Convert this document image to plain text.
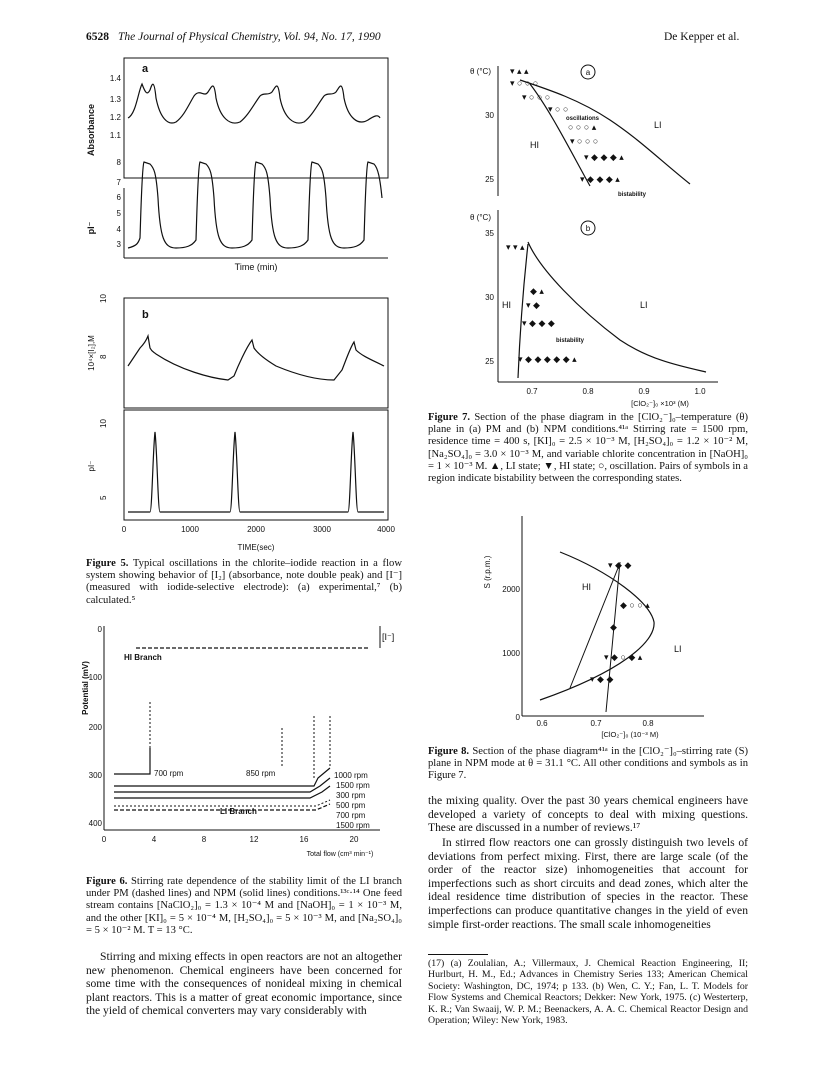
6528 The Journal of Physical Chemistry, Vol. 94, No. 17, 1990	De Kepper et al.
a
Absorbance
1.4
1.3
1.2
1.1
pI⁻
8
7
6
5
4
3
Time (min)
b
10⁴×[I₂],M
10
8
pI⁻
10
5
0	1000	2000	3000	4000
TIME(sec)
Figure 5. Typical oscillations in the chlorite–iodide reaction in a flow system showing behavior of [I₂] (absorbance, note double peak) and [I⁻] (measured with iodide-selective electrode): (a) experimental,⁷ (b) calculated.⁵
Potential (mV)
0
100
200
300
400
[I⁻]
HI Branch
LI Branch
700 rpm	850 rpm	1000 rpm
1500 rpm
300 rpm
500 rpm
700 rpm
1500 rpm
0	4	8	12	16	20
Total flow (cm³ min⁻¹)
Figure 6. Stirring rate dependence of the stability limit of the LI branch under PM (dashed lines) and NPM (solid lines) conditions.¹³ᶜ·¹⁴ One feed stream contains [NaClO₂]₀ = 1.3 × 10⁻⁴ M and [NaOH]₀ = 1 × 10⁻³ M, and the other [KI]₀ = 5 × 10⁻⁴ M, [H₂SO₄]₀ = 5 × 10⁻³ M, and [Na₂SO₄]₀ = 5 × 10⁻² M. T = 13 °C.
Stirring and mixing effects in open reactors are not an altogether new phenomenon. Chemical engineers have been concerned for some time with the consequences of nonideal mixing in chemical plant reactors. This is a matter of great economic importance, since the yield of chemical converters may vary considerably with
θ (°C)	a
30
25
▾ ▴ ▴
▾ ○ ○ ○
▾ ○ ○ ○
▾ ○ ○
○ ○ ○ ▴
▾ ○ ○ ○
▾ ◆ ◆ ◆ ▴
▾ ◆ ◆ ◆ ▴
oscillations
HI
LI
bistability
θ (°C)
b
35
30
25
▾ ▾ ▴
◆ ▴
▾ ◆
▾ ◆ ◆ ◆
▾ ◆ ◆ ◆ ◆ ◆ ▴
HI	LI
bistability
0.7	0.8	0.9	1.0
[ClO₂⁻]₀ ×10³ (M)
Figure 7. Section of the phase diagram in the [ClO₂⁻]₀–temperature (θ) plane in (a) PM and (b) NPM conditions.⁴¹ᵃ Stirring rate = 1500 rpm, residence time = 400 s, [KI]₀ = 2.5 × 10⁻³ M, [H₂SO₄]₀ = 1.2 × 10⁻² M, [Na₂SO₄]₀ = 3.0 × 10⁻³ M, and variable chlorite concentration in [NaOH]₀ = 1 × 10⁻³ M. ▲, LI state; ▼, HI state; ○, oscillation. Pairs of symbols in a region indicate bistability between the corresponding states.
S (r.p.m.)
2000
1000
0
▾ ◆ ◆
◆ ○ ○ ▴
◆
▾ ◆ ○ ◆ ▴
▾ ◆ ◆
HI
LI
0.6	0.7	0.8
[ClO₂⁻]₀ (10⁻³ M)
Figure 8. Section of the phase diagram⁴¹ᵃ in the [ClO₂⁻]₀–stirring rate (S) plane in NPM mode at θ = 31.1 °C. All other conditions and symbols as in Figure 7.
the mixing quality. Over the past 30 years chemical engineers have developed a variety of concepts to deal with mixing questions. These are discussed in a number of reviews.¹⁷
In stirred flow reactors one can grossly distinguish two levels of deviations from perfect mixing. First, there are large scale (of the order of the reactor size) inhomogeneities that account for imperfections such as short circuits and dead zones, which alter the ideal residence time distribution of species in the reactor. These imperfections can produce quantitative changes in the yield of even simple first-order reactions. The small scale inhomogeneities
(17) (a) Zoulalian, A.; Villermaux, J. Chemical Reaction Engineering, II; Hurlburt, H. M., Ed.; Advances in Chemistry Series 133; American Chemical Society: Washington, DC, 1974; p 133. (b) Wen, C. Y.; Fan, L. T. Models for Flow Systems and Chemical Reactors; Dekker: New York, 1975. (c) Westerterp, K. R.; Van Swaaij, W. P. M.; Beenackers, A. A. C. Chemical Reactor Design and Operation; Wiley: New York, 1983.
